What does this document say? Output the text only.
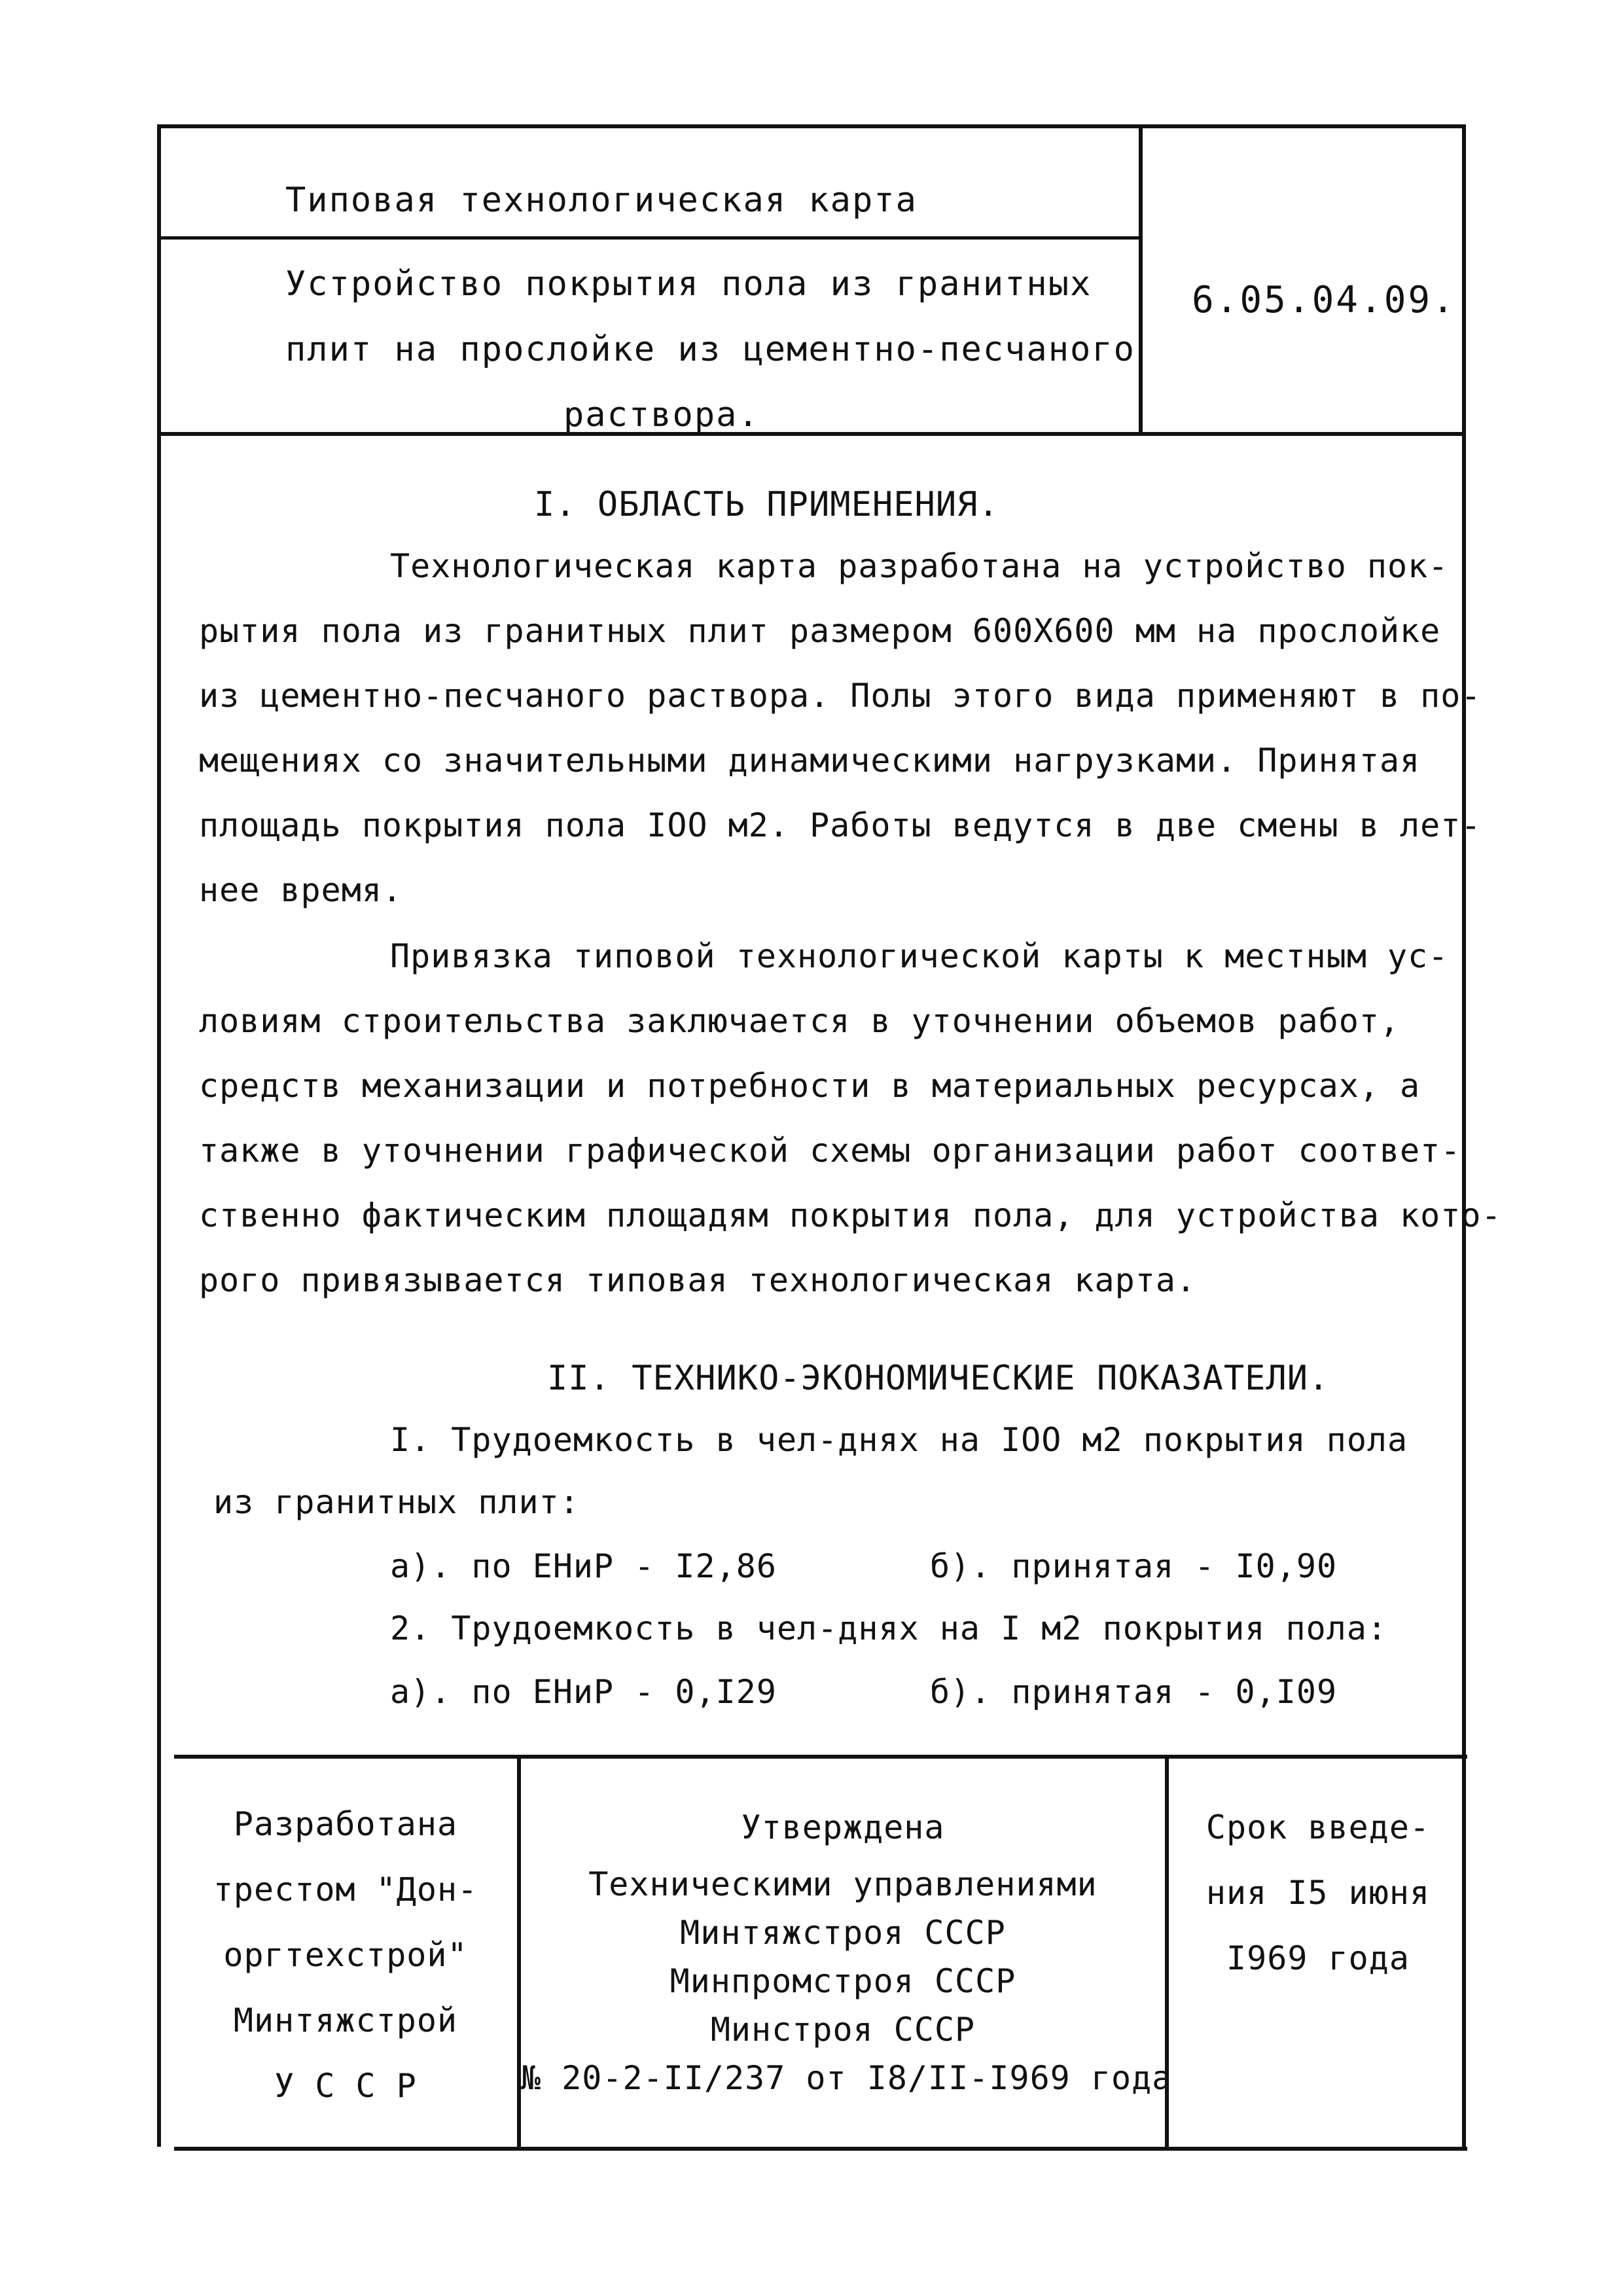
Типовая технологическая карта
Устройство покрытия пола из гранитных
плит на прослойке из цементно-песчаного
раствора.
6.05.04.09.
I. ОБЛАСТЬ ПРИМЕНЕНИЯ.
Технологическая карта разработана на устройство пок-
рытия пола из гранитных плит размером 600X600 мм на прослойке
из цементно-песчаного раствора. Полы этого вида применяют в по-
мещениях со значительными динамическими нагрузками. Принятая
площадь покрытия пола IOO м2. Работы ведутся в две смены в лет-
нее время.
Привязка типовой технологической карты к местным ус-
ловиям строительства заключается в уточнении объемов работ,
средств механизации и потребности в материальных ресурсах, а
также в уточнении графической схемы организации работ соответ-
ственно фактическим площадям покрытия пола, для устройства кото-
рого привязывается типовая технологическая карта.
II. ТЕХНИКО-ЭКОНОМИЧЕСКИЕ ПОКАЗАТЕЛИ.
I. Трудоемкость в чел-днях на IOO м2 покрытия пола
из гранитных плит:
а). по ЕНиР - I2,86	б). принятая - I0,90
2. Трудоемкость в чел-днях на I м2 покрытия пола:
а). по ЕНиР - 0,I29	б). принятая - 0,I09
Разработана
трестом "Дон-
оргтехстрой"
Минтяжстрой
У С С Р
Утверждена
Техническими управлениями
Минтяжстроя СССР
Минпромстроя СССР
Минстроя СССР
№ 20-2-II/237 от I8/II-I969 года
Срок введе-
ния I5 июня
I969 года
